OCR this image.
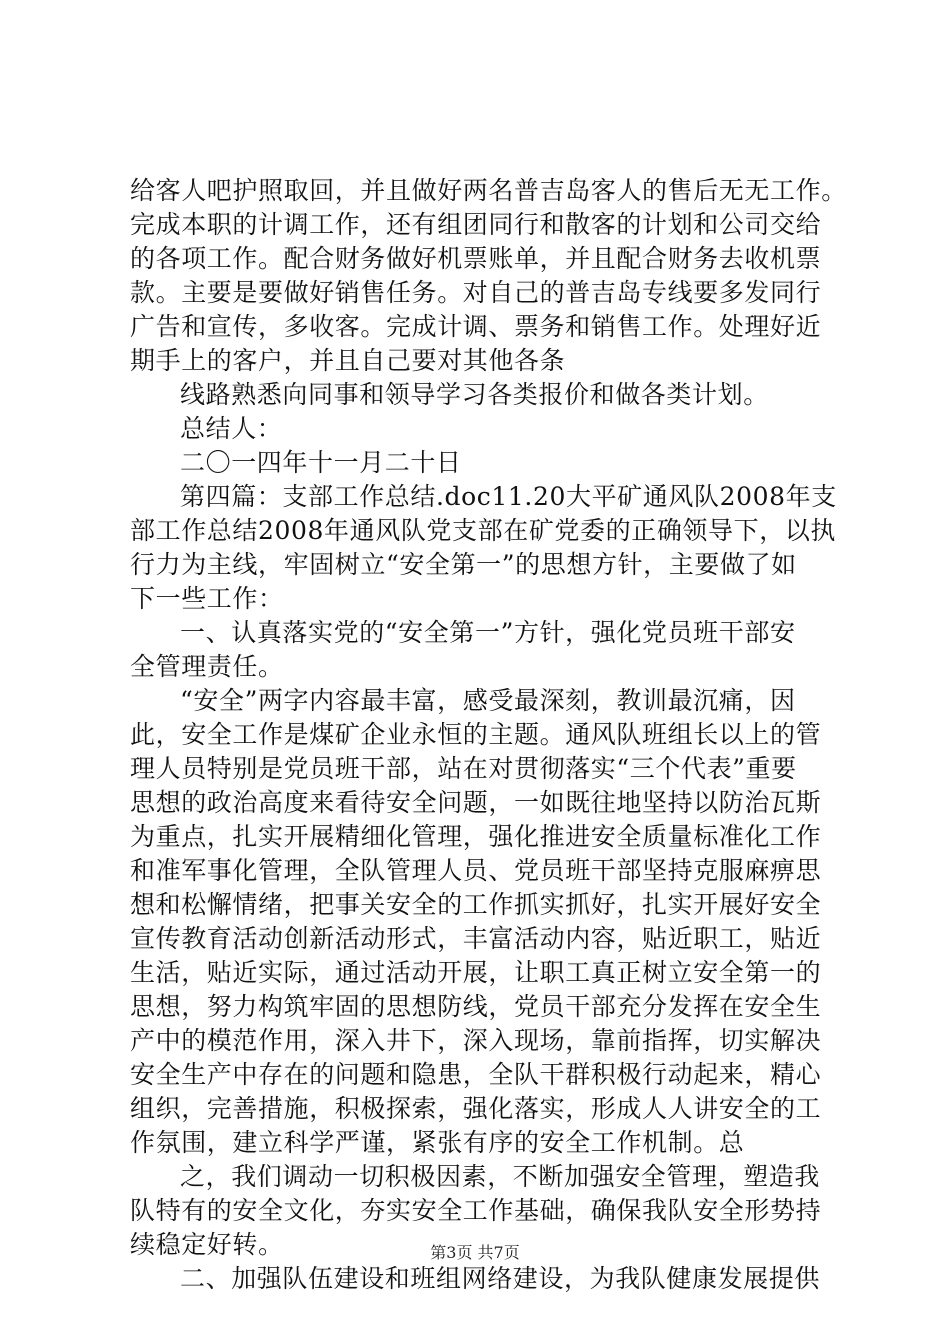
给客人吧护照取回，并且做好两名普吉岛客人的售后无无工作。
完成本职的计调工作，还有组团同行和散客的计划和公司交给
的各项工作。配合财务做好机票账单，并且配合财务去收机票
款。主要是要做好销售任务。对自己的普吉岛专线要多发同行
广告和宣传，多收客。完成计调、票务和销售工作。处理好近
期手上的客户，并且自己要对其他各条
线路熟悉向同事和领导学习各类报价和做各类计划。
总结人：
二〇一四年十一月二十日
第四篇：支部工作总结.doc11.20大平矿通风队2008年支
部工作总结2008年通风队党支部在矿党委的正确领导下，以执
行力为主线，牢固树立“安全第一”的思想方针，主要做了如
下一些工作：
一、认真落实党的“安全第一”方针，强化党员班干部安
全管理责任。
“安全”两字内容最丰富，感受最深刻，教训最沉痛，因
此，安全工作是煤矿企业永恒的主题。通风队班组长以上的管
理人员特别是党员班干部，站在对贯彻落实“三个代表”重要
思想的政治高度来看待安全问题，一如既往地坚持以防治瓦斯
为重点，扎实开展精细化管理，强化推进安全质量标准化工作
和准军事化管理，全队管理人员、党员班干部坚持克服麻痹思
想和松懈情绪，把事关安全的工作抓实抓好，扎实开展好安全
宣传教育活动创新活动形式，丰富活动内容，贴近职工，贴近
生活，贴近实际，通过活动开展，让职工真正树立安全第一的
思想，努力构筑牢固的思想防线，党员干部充分发挥在安全生
产中的模范作用，深入井下，深入现场，靠前指挥，切实解决
安全生产中存在的问题和隐患，全队干群积极行动起来，精心
组织，完善措施，积极探索，强化落实，形成人人讲安全的工
作氛围，建立科学严谨，紧张有序的安全工作机制。总
之，我们调动一切积极因素，不断加强安全管理，塑造我
队特有的安全文化，夯实安全工作基础，确保我队安全形势持
续稳定好转。
二、加强队伍建设和班组网络建设，为我队健康发展提供
第3页 共7页
